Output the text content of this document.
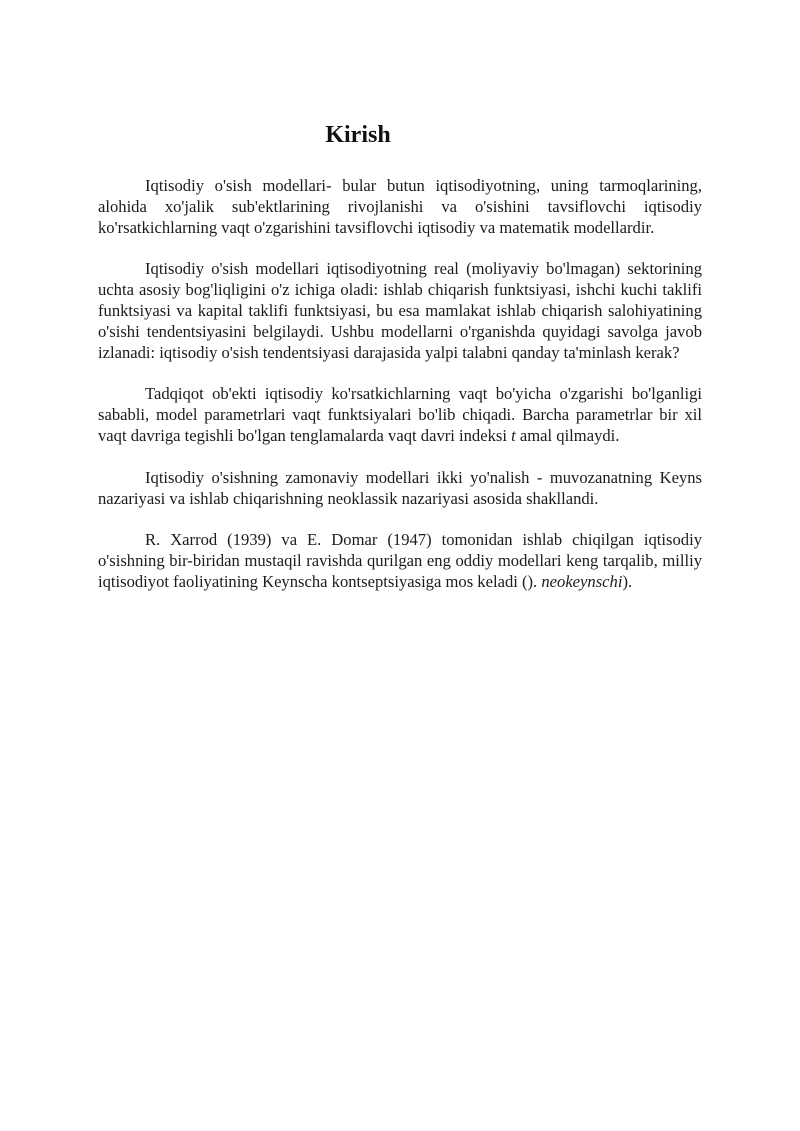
Kirish

Iqtisodiy o'sish modellari- bular butun iqtisodiyotning, uning tarmoqlarining, alohida xo'jalik sub'ektlarining rivojlanishi va o'sishini tavsiflovchi iqtisodiy ko'rsatkichlarning vaqt o'zgarishini tavsiflovchi iqtisodiy va matematik modellardir.

Iqtisodiy o'sish modellari iqtisodiyotning real (moliyaviy bo'lmagan) sektorining uchta asosiy bog'liqligini o'z ichiga oladi: ishlab chiqarish funktsiyasi, ishchi kuchi taklifi funktsiyasi va kapital taklifi funktsiyasi, bu esa mamlakat ishlab chiqarish salohiyatining o'sishi tendentsiyasini belgilaydi. Ushbu modellarni o'rganishda quyidagi savolga javob izlanadi: iqtisodiy o'sish tendentsiyasi darajasida yalpi talabni qanday ta'minlash kerak?

Tadqiqot ob'ekti iqtisodiy ko'rsatkichlarning vaqt bo'yicha o'zgarishi bo'lganligi sababli, model parametrlari vaqt funktsiyalari bo'lib chiqadi. Barcha parametrlar bir xil vaqt davriga tegishli bo'lgan tenglamalarda vaqt davri indeksi t amal qilmaydi.

Iqtisodiy o'sishning zamonaviy modellari ikki yo'nalish - muvozanatning Keyns nazariyasi va ishlab chiqarishning neoklassik nazariyasi asosida shakllandi.

R. Xarrod (1939) va E. Domar (1947) tomonidan ishlab chiqilgan iqtisodiy o'sishning bir-biridan mustaqil ravishda qurilgan eng oddiy modellari keng tarqalib, milliy iqtisodiyot faoliyatining Keynscha kontseptsiyasiga mos keladi (). neokeynschi).
